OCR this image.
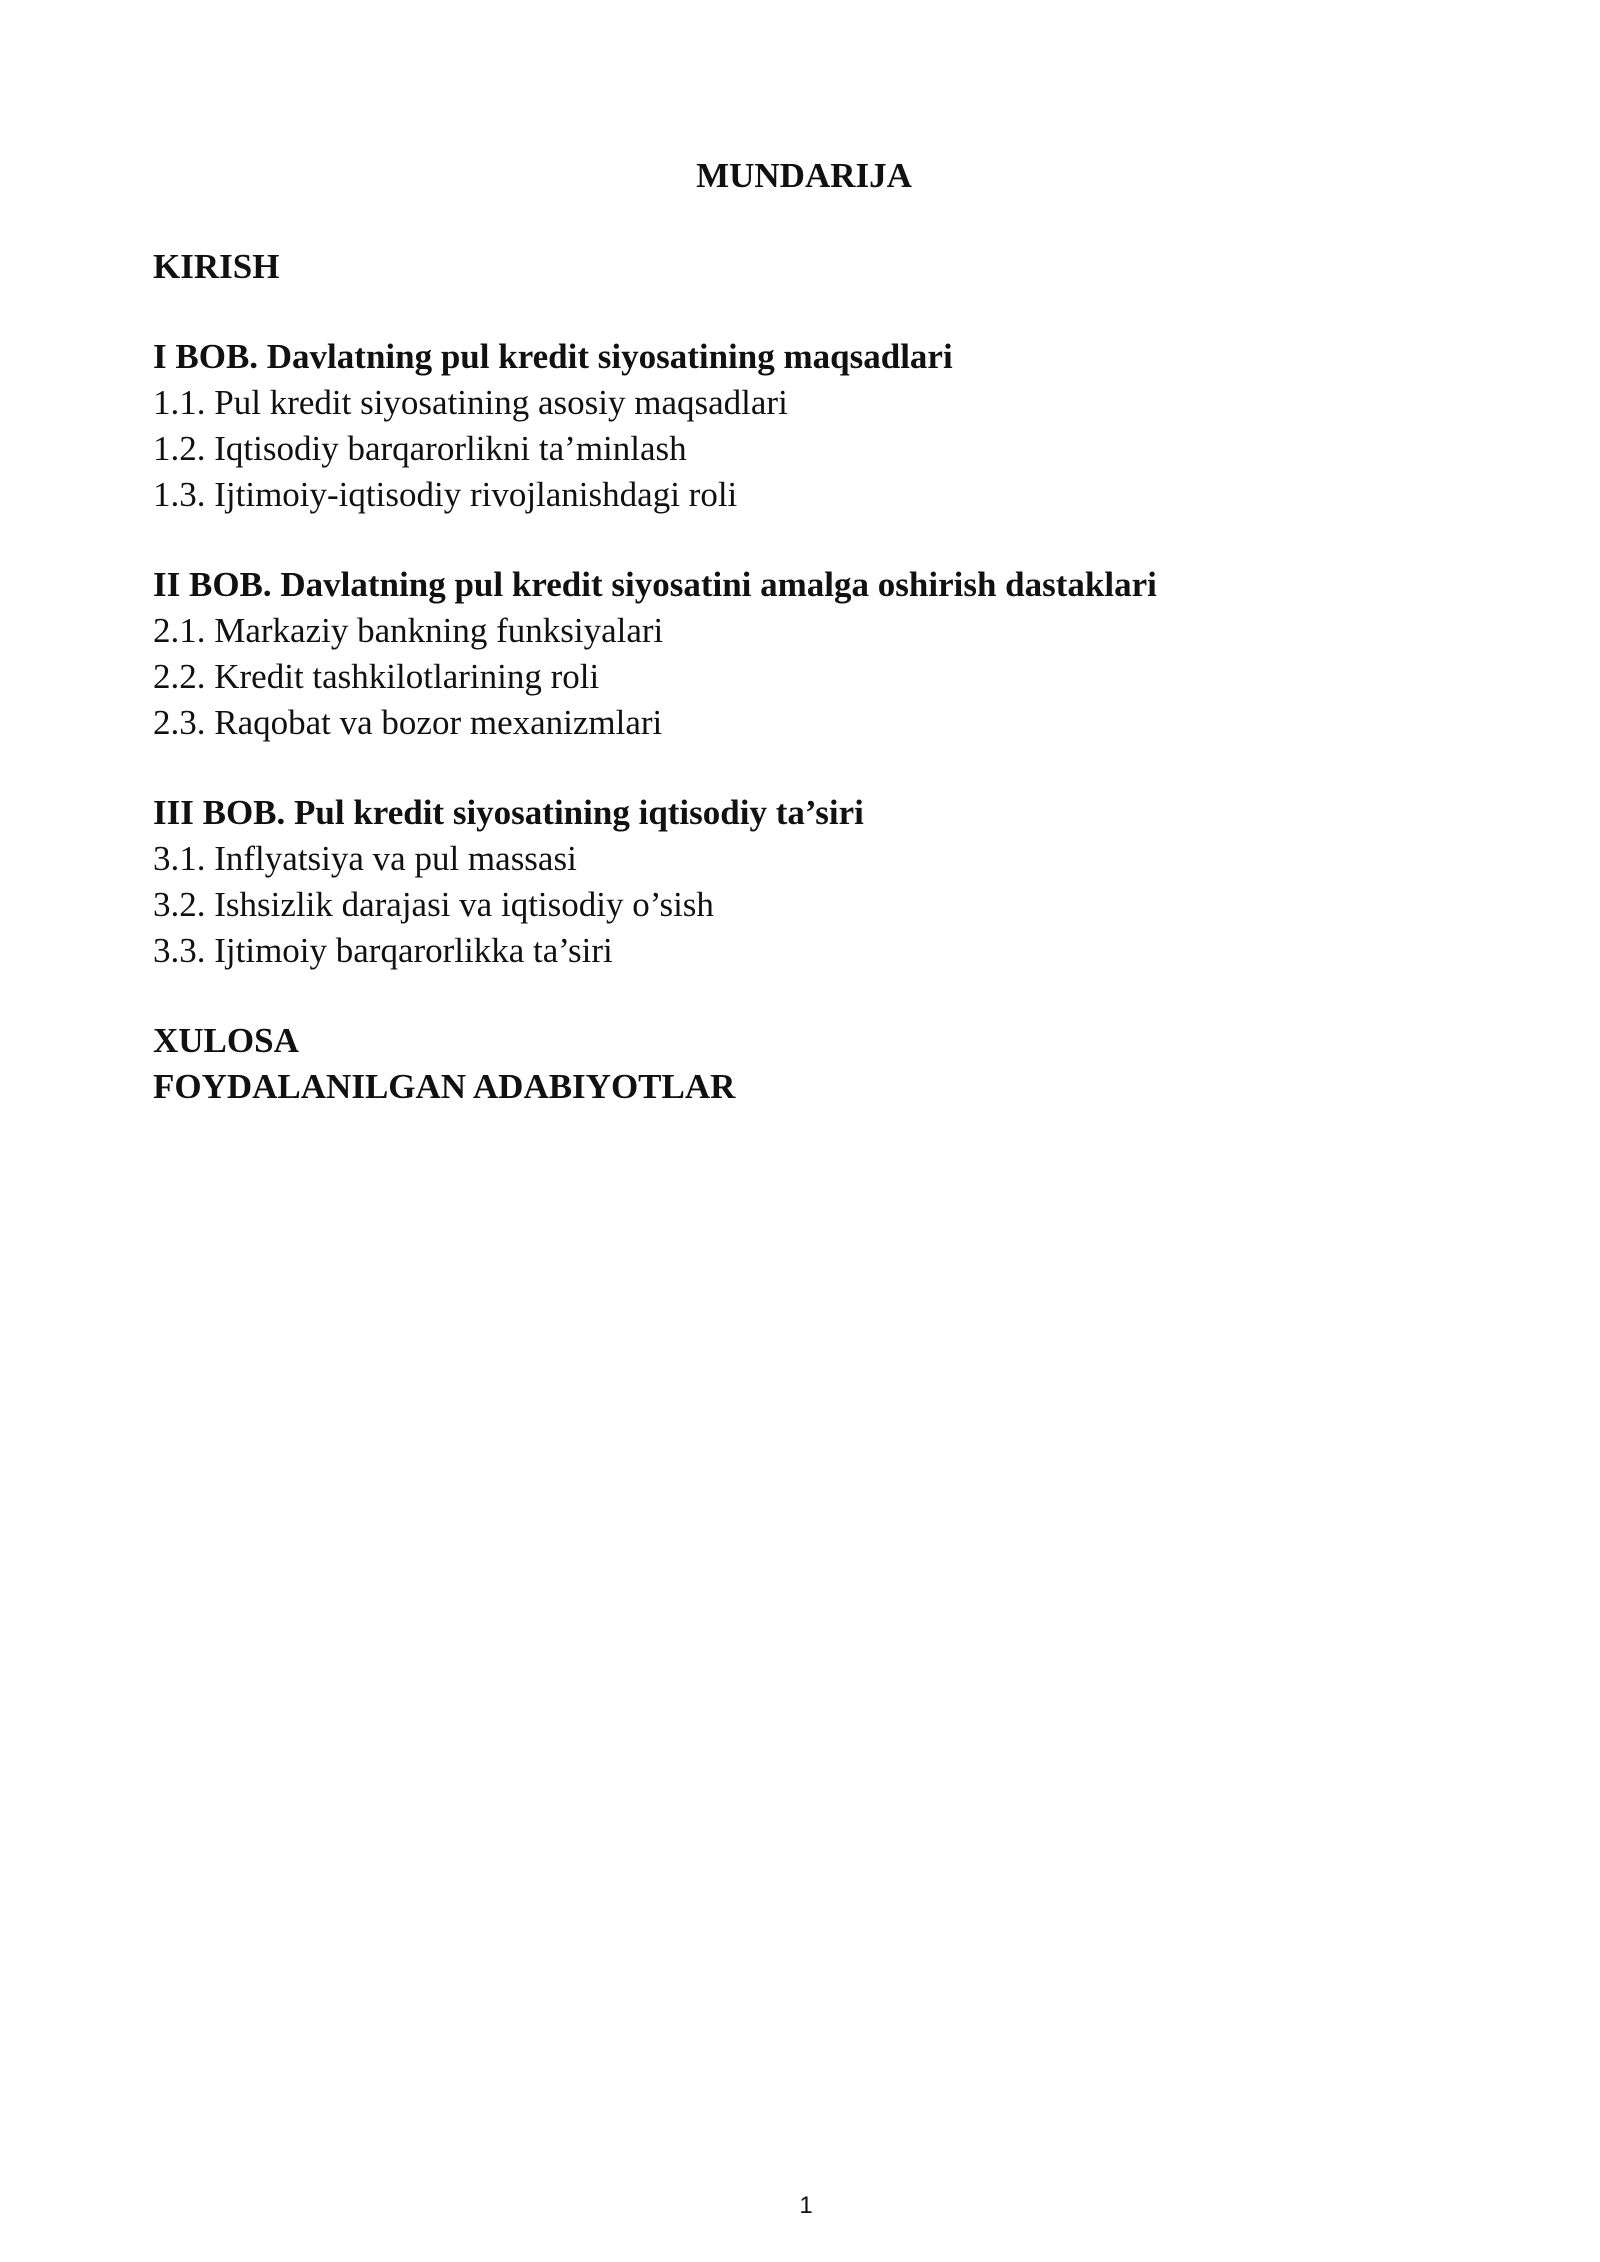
MUNDARIJA
KIRISH
I BOB. Davlatning pul kredit siyosatining maqsadlari
1.1. Pul kredit siyosatining asosiy maqsadlari
1.2. Iqtisodiy barqarorlikni ta’minlash
1.3. Ijtimoiy-iqtisodiy rivojlanishdagi roli
II BOB. Davlatning pul kredit siyosatini amalga oshirish dastaklari
2.1. Markaziy bankning funksiyalari
2.2. Kredit tashkilotlarining roli
2.3. Raqobat va bozor mexanizmlari
III BOB. Pul kredit siyosatining iqtisodiy ta’siri
3.1. Inflyatsiya va pul massasi
3.2. Ishsizlik darajasi va iqtisodiy o’sish
3.3. Ijtimoiy barqarorlikka ta’siri
XULOSA
FOYDALANILGAN ADABIYOTLAR
1
